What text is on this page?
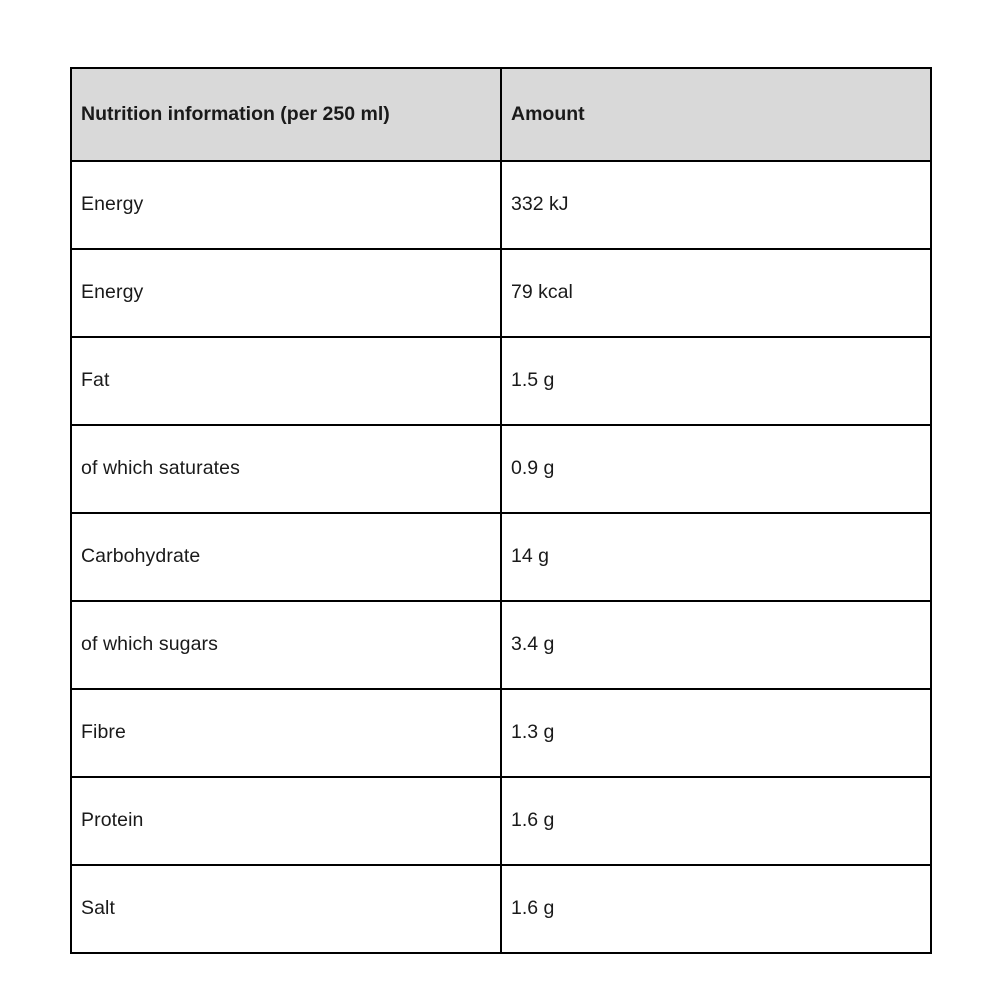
Nutrition information (per 250 ml)	Amount
Energy	332 kJ
Energy	79 kcal
Fat	1.5 g
of which saturates	0.9 g
Carbohydrate	14 g
of which sugars	3.4 g
Fibre	1.3 g
Protein	1.6 g
Salt	1.6 g
